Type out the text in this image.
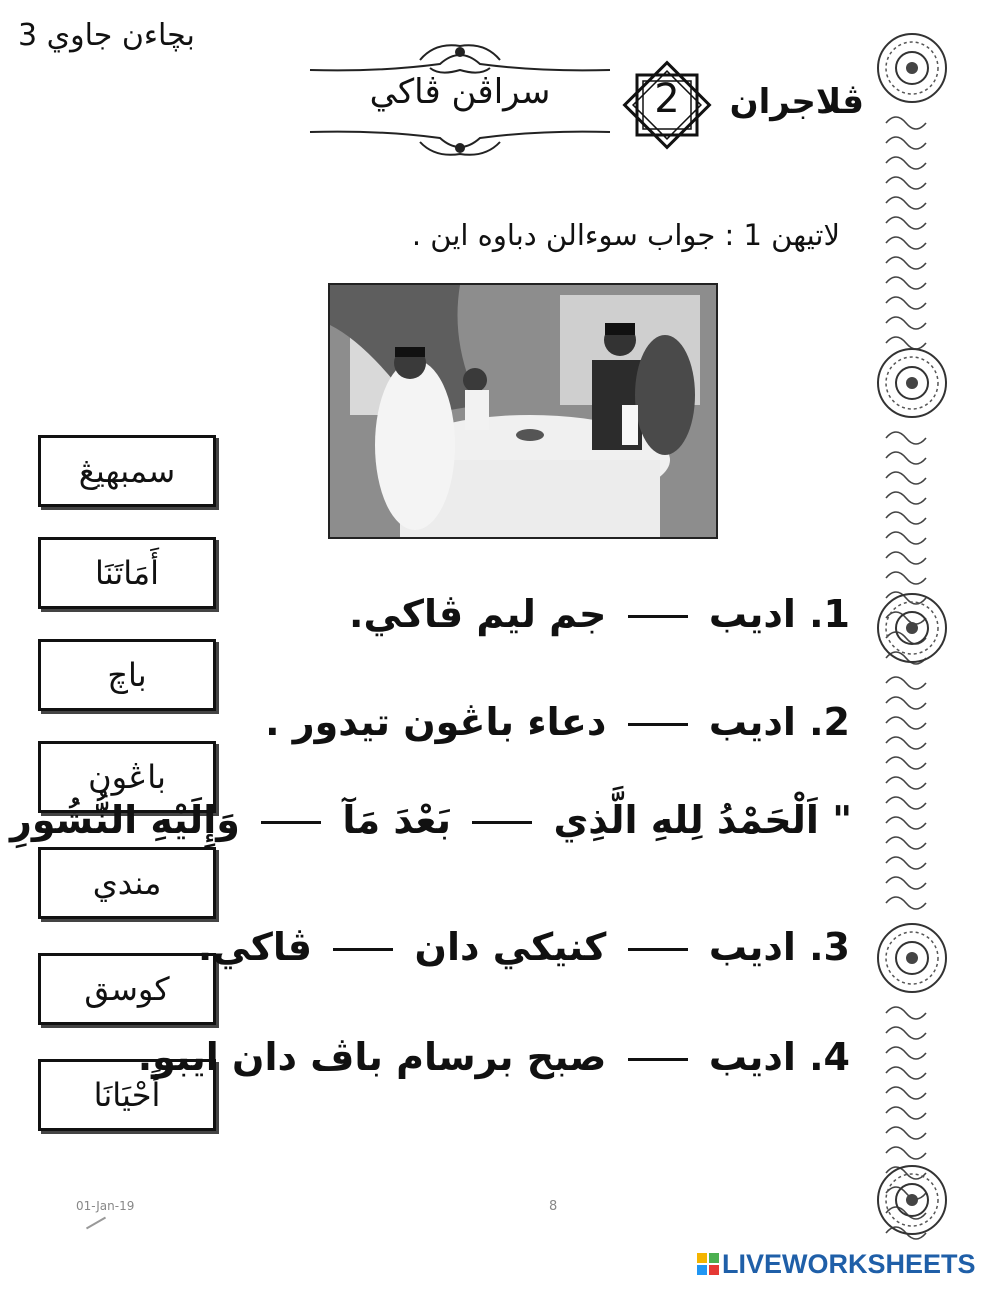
بچاءن جاوي 3
سراڤن ڤاكي	2	ڤلاجران
لاتيهن 1 : جواب سوءالن دباوه اين .
سمبهيڠ
أَمَاتَنَا
باچ
باڠون
مندي
كوسق
أَحْيَانَا
1. اديب  جم ليم ڤاكي.
2. اديب  دعاء باڠون تيدور .
" اَلْحَمْدُ لِلهِ الَّذِي  بَعْدَ مَآ  وَإِلَيْهِ النُّشُورِ
3. اديب  كنيكي دان  ڤاكي.
4. اديب  صبح برسام باڤ دان ايبو.
01-Jan-19	8
LIVEWORKSHEETS
